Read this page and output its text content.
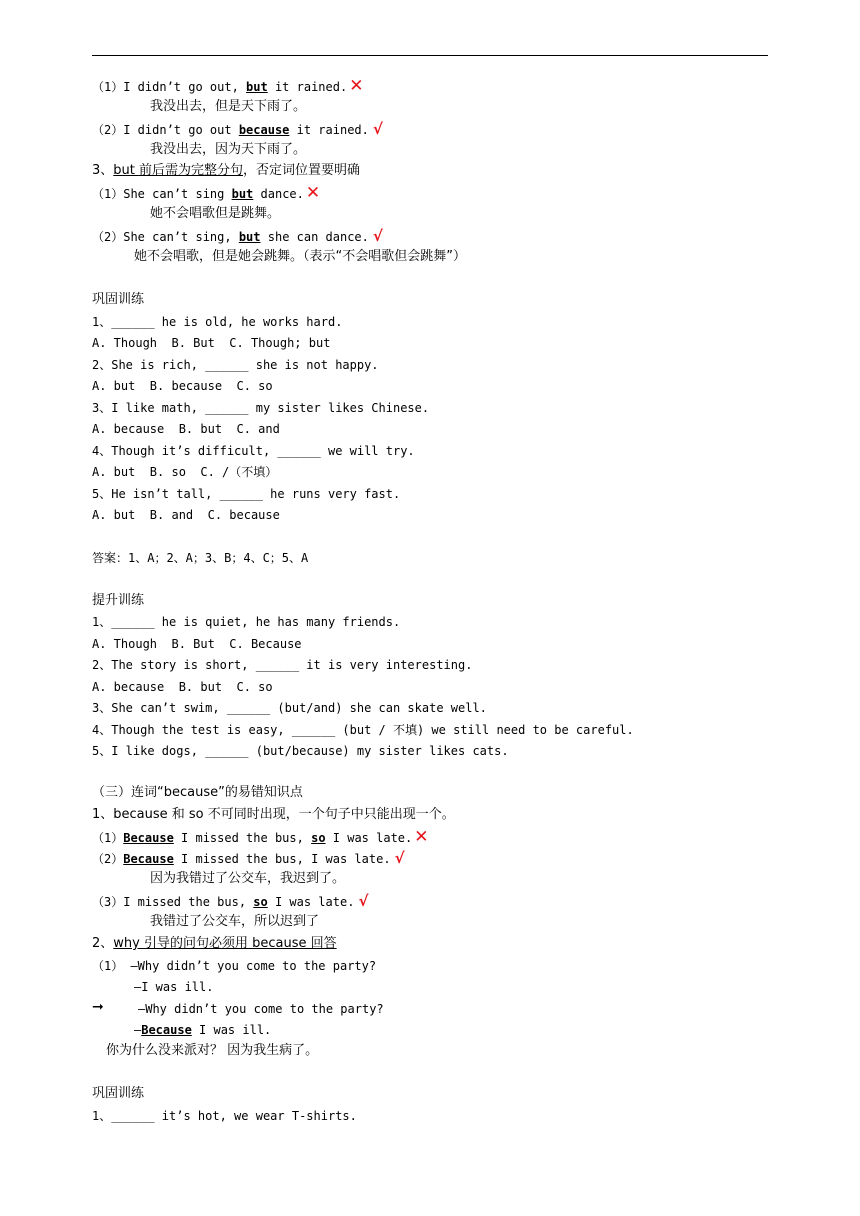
（1）I didn’t go out, but it rained. ✕
我没出去，但是天下雨了。
（2）I didn’t go out because it rained. √
我没出去，因为天下雨了。
3、but 前后需为完整分句，否定词位置要明确
（1）She can’t sing but dance. ✕
她不会唱歌但是跳舞。
（2）She can’t sing, but she can dance. √
她不会唱歌，但是她会跳舞。（表示“不会唱歌但会跳舞”）
巩固训练
1、______ he is old, he works hard.
A. Though  B. But  C. Though; but
2、She is rich, ______ she is not happy.
A. but  B. because  C. so
3、I like math, ______ my sister likes Chinese.
A. because  B. but  C. and
4、Though it’s difficult, ______ we will try.
A. but  B. so  C. /（不填）
5、He isn’t tall, ______ he runs very fast.
A. but  B. and  C. because
答案：1、A；2、A；3、B；4、C；5、A
提升训练
1、______ he is quiet, he has many friends.
A. Though  B. But  C. Because
2、The story is short, ______ it is very interesting.
A. because  B. but  C. so
3、She can’t swim, ______ (but/and) she can skate well.
4、Though the test is easy, ______ (but / 不填) we still need to be careful.
5、I like dogs, ______ (but/because) my sister likes cats.
（三）连词“because”的易错知识点
1、because 和 so 不可同时出现，一个句子中只能出现一个。
（1）Because I missed the bus, so I was late. ✕
（2）Because I missed the bus, I was late. √
因为我错过了公交车，我迟到了。
（3）I missed the bus, so I was late. √
我错过了公交车，所以迟到了
2、why 引导的问句必须用 because 回答
（1） —Why didn’t you come to the party?
—I was ill.
➞	—Why didn’t you come to the party?
—Because I was ill.
你为什么没来派对？ 因为我生病了。
巩固训练
1、______ it’s hot, we wear T-shirts.
